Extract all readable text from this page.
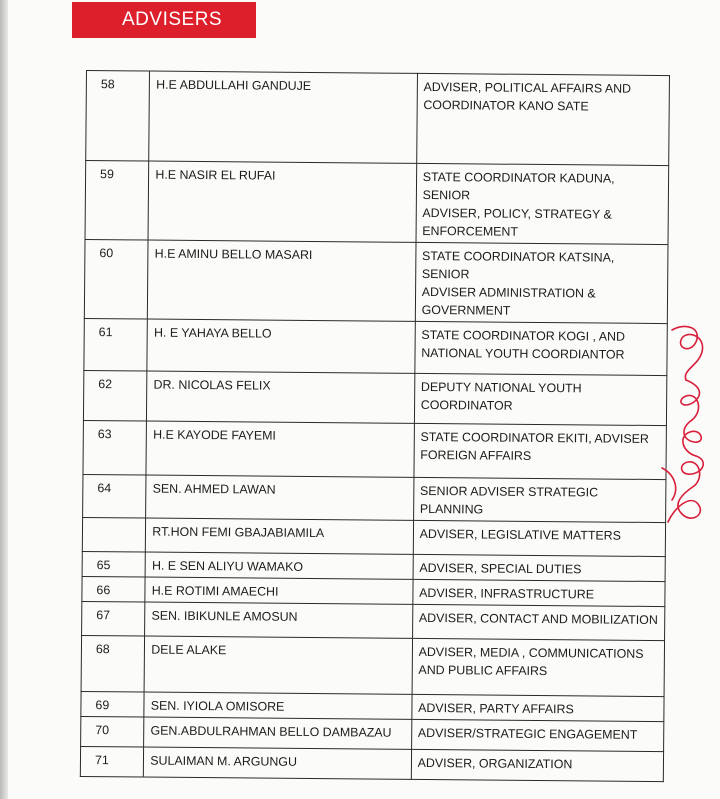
ADVISERS
58	H.E ABDULLAHI GANDUJE	ADVISER, POLITICAL AFFAIRS AND
COORDINATOR KANO SATE

59	H.E NASIR EL RUFAI	STATE COORDINATOR KADUNA, SENIOR
ADVISER, POLICY, STRATEGY &
ENFORCEMENT

60	H.E AMINU BELLO MASARI	STATE COORDINATOR KATSINA, SENIOR
ADVISER ADMINISTRATION &
GOVERNMENT

61	H. E YAHAYA BELLO	STATE COORDINATOR KOGI , AND
NATIONAL YOUTH COORDIANTOR

62	DR. NICOLAS FELIX	DEPUTY NATIONAL YOUTH
COORDINATOR

63	H.E KAYODE FAYEMI	STATE COORDINATOR EKITI, ADVISER
FOREIGN AFFAIRS

64	SEN. AHMED LAWAN	SENIOR ADVISER STRATEGIC PLANNING

	RT.HON FEMI GBAJABIAMILA	ADVISER, LEGISLATIVE MATTERS

65	H. E SEN ALIYU WAMAKO	ADVISER, SPECIAL DUTIES

66	H.E ROTIMI AMAECHI	ADVISER, INFRASTRUCTURE

67	SEN. IBIKUNLE AMOSUN	ADVISER, CONTACT AND MOBILIZATION

68	DELE ALAKE	ADVISER, MEDIA , COMMUNICATIONS
AND PUBLIC AFFAIRS

69	SEN. IYIOLA OMISORE	ADVISER, PARTY AFFAIRS

70	GEN.ABDULRAHMAN BELLO DAMBAZAU	ADVISER/STRATEGIC ENGAGEMENT

71	SULAIMAN M. ARGUNGU	ADVISER, ORGANIZATION
